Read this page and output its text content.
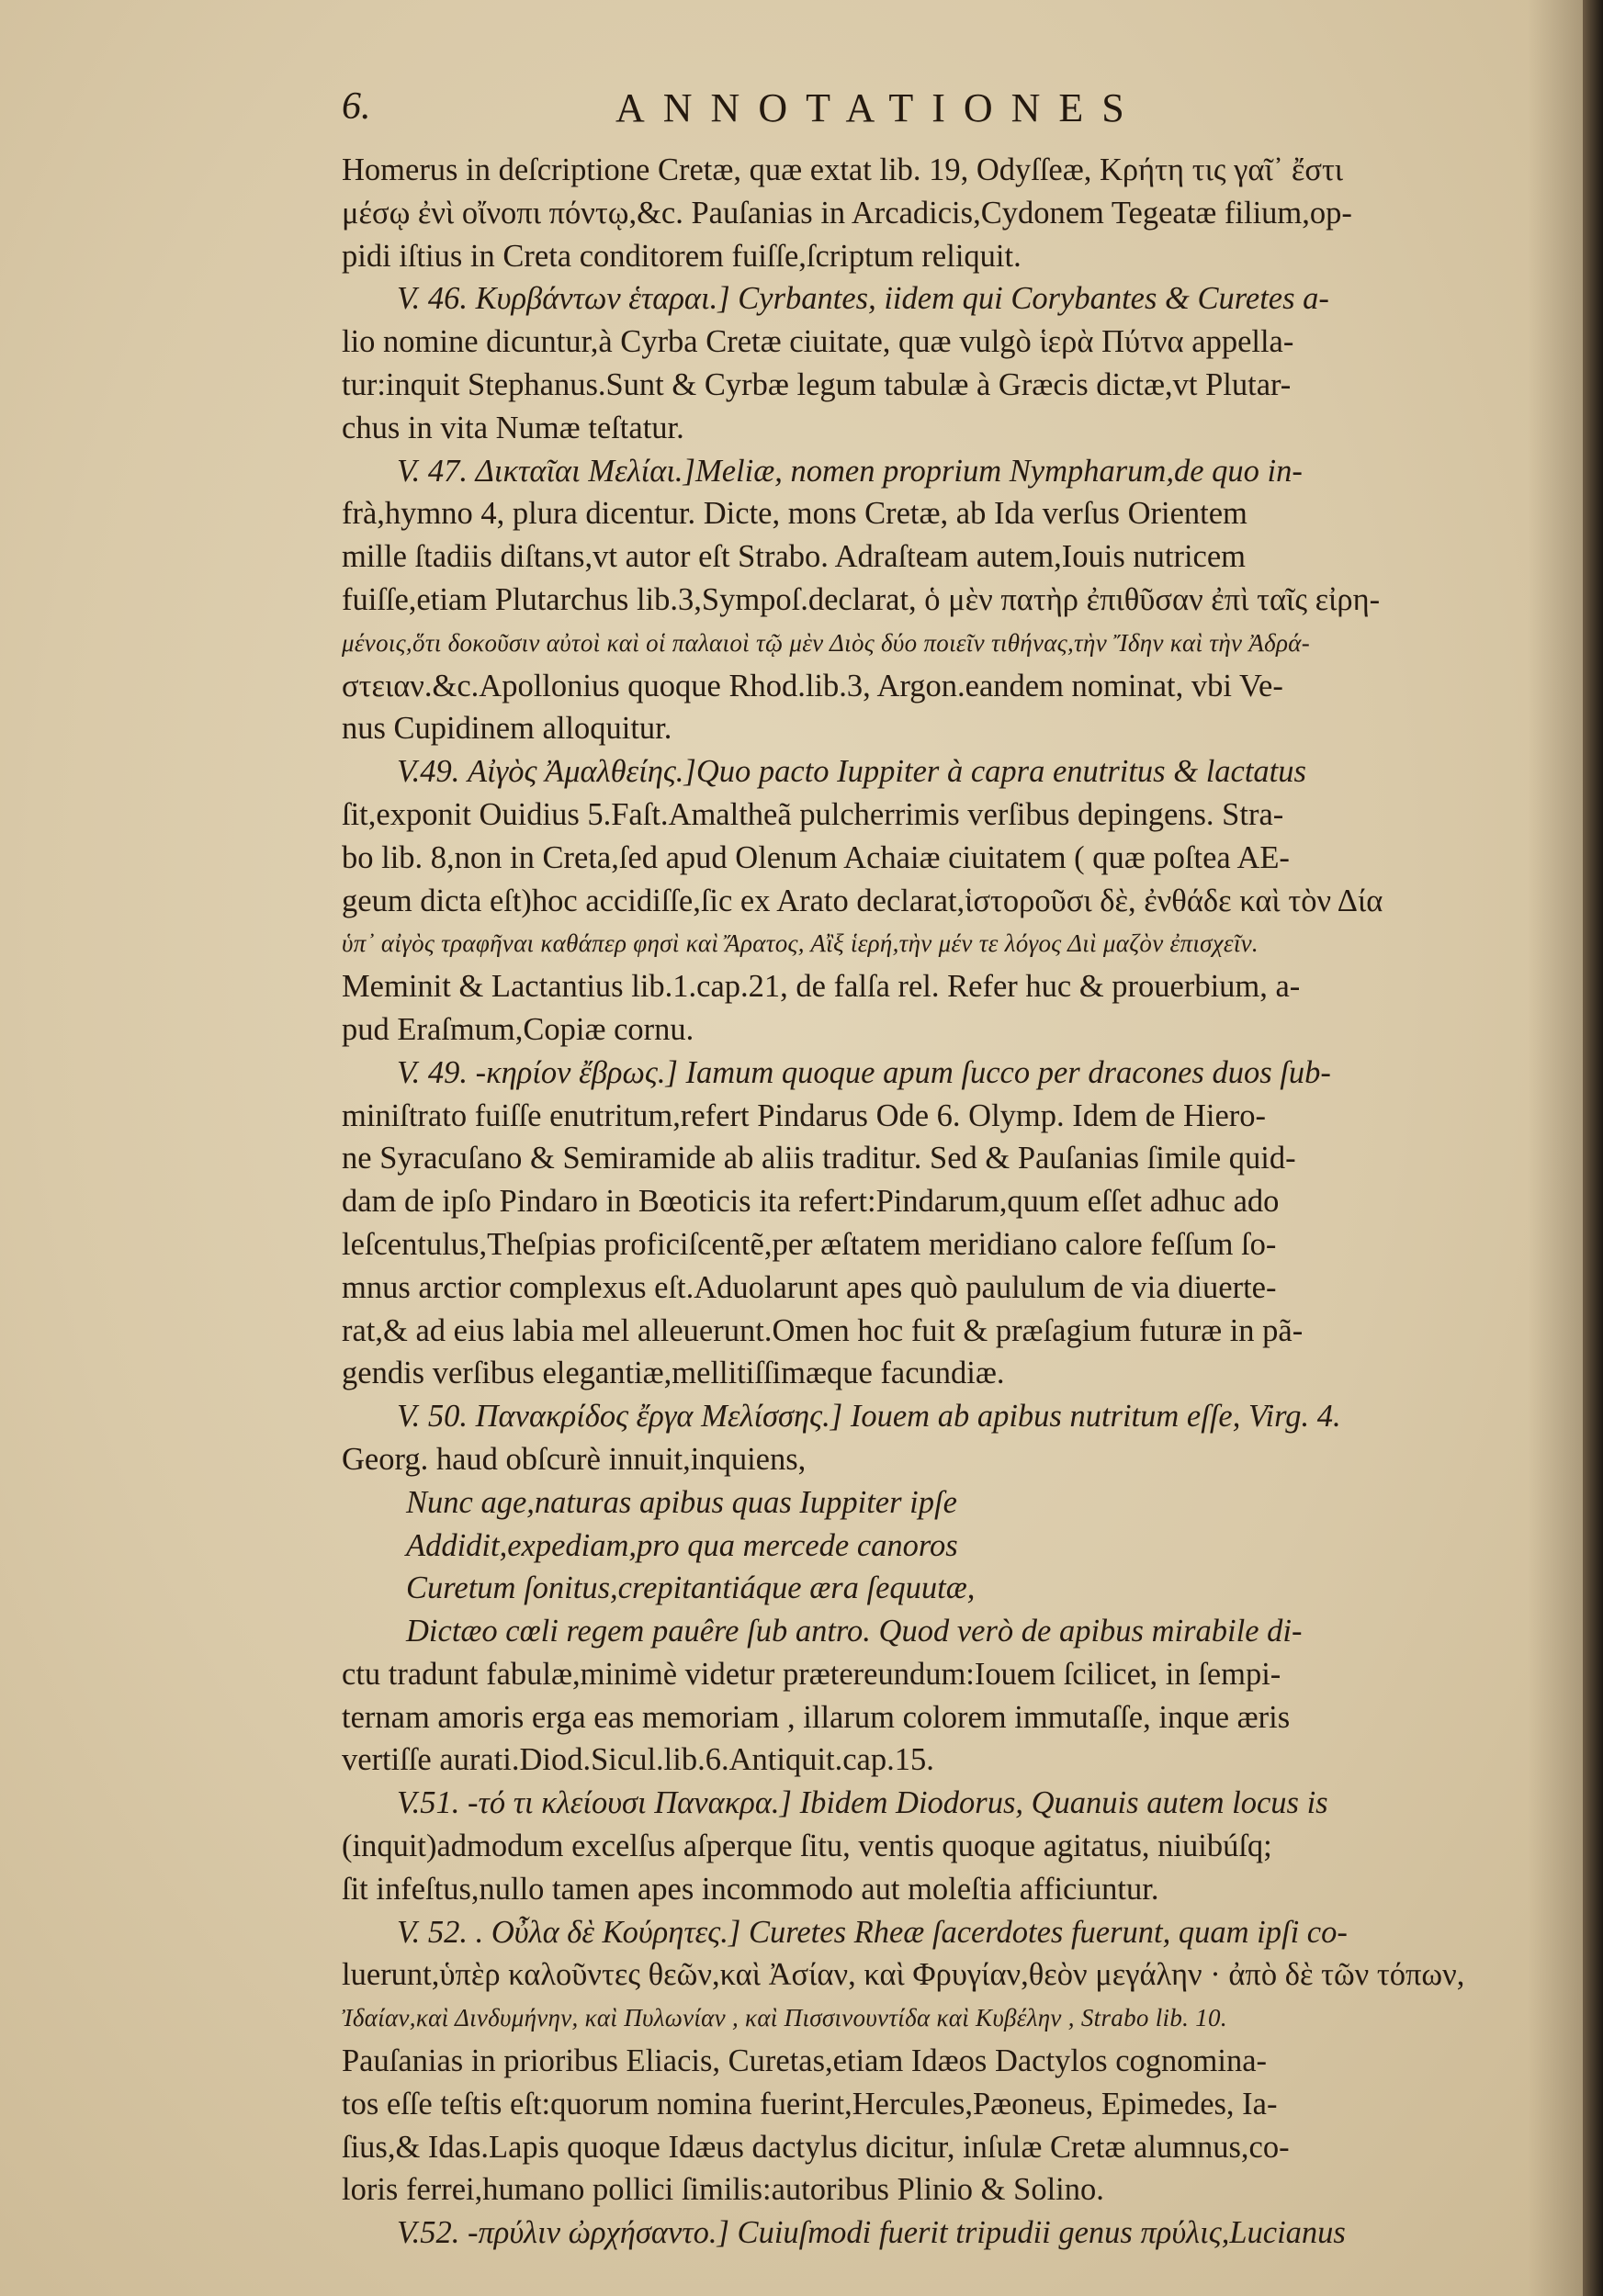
6.	ANNOTATIONES
Homerus in deſcriptione Cretæ, quæ extat lib. 19, Odyſſeæ, Κρήτη τις γαῖ᾽ ἔστι
μέσῳ ἐνὶ οἴνοπι πόντῳ,&c. Pauſanias in Arcadicis,Cydonem Tegeatæ filium,op-
pidi iſtius in Creta conditorem fuiſſe,ſcriptum reliquit.
V. 46. Κυρβάντων ἑταραι.] Cyrbantes, iidem qui Corybantes & Curetes a-
lio nomine dicuntur,à Cyrba Cretæ ciuitate, quæ vulgò ἱερὰ Πύτνα appella-
tur:inquit Stephanus.Sunt & Cyrbæ legum tabulæ à Græcis dictæ,vt Plutar-
chus in vita Numæ teſtatur.
V. 47. Δικταῖαι Μελίαι.]Meliæ, nomen proprium Nympharum,de quo in-
frà,hymno 4, plura dicentur. Dicte, mons Cretæ, ab Ida verſus Orientem
mille ſtadiis diſtans,vt autor eſt Strabo. Adraſteam autem,Iouis nutricem
fuiſſe,etiam Plutarchus lib.3,Sympoſ.declarat, ὁ μὲν πατὴρ ἐπιθῦσαν ἐπὶ ταῖς εἰρη-
μένοις,ὅτι δοκοῦσιν αὐτοὶ καὶ οἱ παλαιοὶ τῷ μὲν Διὸς δύο ποιεῖν τιθήνας,τὴν Ἴδην καὶ τὴν Ἀδρά-
στειαν.&c.Apollonius quoque Rhod.lib.3, Argon.eandem nominat, vbi Ve-
nus Cupidinem alloquitur.
V.49. Αἰγὸς Ἀμαλθείης.]Quo pacto Iuppiter à capra enutritus & lactatus
ſit,exponit Ouidius 5.Faſt.Amaltheã pulcherrimis verſibus depingens. Stra-
bo lib. 8,non in Creta,ſed apud Olenum Achaiæ ciuitatem ( quæ poſtea AE-
geum dicta eſt)hoc accidiſſe,ſic ex Arato declarat,ἱστοροῦσι δὲ, ἐνθάδε καὶ τὸν Δία
ὑπ᾽ αἰγὸς τραφῆναι καθάπερ φησὶ καὶ Ἄρατος, Αἲξ ἱερή,τὴν μέν τε λόγος Διὶ μαζὸν ἐπισχεῖν.
Meminit & Lactantius lib.1.cap.21, de falſa rel. Refer huc & prouerbium, a-
pud Eraſmum,Copiæ cornu.
V. 49. -κηρίον ἔβρως.] Iamum quoque apum ſucco per dracones duos ſub-
miniſtrato fuiſſe enutritum,refert Pindarus Ode 6. Olymp. Idem de Hiero-
ne Syracuſano & Semiramide ab aliis traditur. Sed & Pauſanias ſimile quid-
dam de ipſo Pindaro in Bœoticis ita refert:Pindarum,quum eſſet adhuc ado
leſcentulus,Theſpias proficiſcentẽ,per æſtatem meridiano calore feſſum ſo-
mnus arctior complexus eſt.Aduolarunt apes quò paululum de via diuerte-
rat,& ad eius labia mel alleuerunt.Omen hoc fuit & præſagium futuræ in pã-
gendis verſibus elegantiæ,mellitiſſimæque facundiæ.
V. 50. Πανακρίδος ἔργα Μελίσσης.] Iouem ab apibus nutritum eſſe, Virg. 4.
Georg. haud obſcurè innuit,inquiens,
Nunc age,naturas apibus quas Iuppiter ipſe
Addidit,expediam,pro qua mercede canoros
Curetum ſonitus,crepitantiáque æra ſequutæ,
Dictæo cœli regem pauêre ſub antro. Quod verò de apibus mirabile di-
ctu tradunt fabulæ,minimè videtur prætereundum:Iouem ſcilicet, in ſempi-
ternam amoris erga eas memoriam , illarum colorem immutaſſe, inque æris
vertiſſe aurati.Diod.Sicul.lib.6.Antiquit.cap.15.
V.51. -τό τι κλείουσι Πανακρα.] Ibidem Diodorus, Quanuis autem locus is
(inquit)admodum excelſus aſperque ſitu, ventis quoque agitatus, niuibúſq;
ſit infeſtus,nullo tamen apes incommodo aut moleſtia afficiuntur.
V. 52. . Οὖλα δὲ Κούρητες.] Curetes Rheæ ſacerdotes fuerunt, quam ipſi co-
luerunt,ὑπὲρ καλοῦντες θεῶν,καὶ Ἀσίαν, καὶ Φρυγίαν,θεὸν μεγάλην · ἀπὸ δὲ τῶν τόπων,
Ἰδαίαν,καὶ Δινδυμήνην, καὶ Πυλωνίαν , καὶ Πισσινουντίδα καὶ Κυβέλην , Strabo lib. 10.
Pauſanias in prioribus Eliacis, Curetas,etiam Idæos Dactylos cognomina-
tos eſſe teſtis eſt:quorum nomina fuerint,Hercules,Pæoneus, Epimedes, Ia-
ſius,& Idas.Lapis quoque Idæus dactylus dicitur, inſulæ Cretæ alumnus,co-
loris ferrei,humano pollici ſimilis:autoribus Plinio & Solino.
V.52. -πρύλιν ὠρχήσαντο.] Cuiuſmodi fuerit tripudii genus πρύλις,Lucianus
